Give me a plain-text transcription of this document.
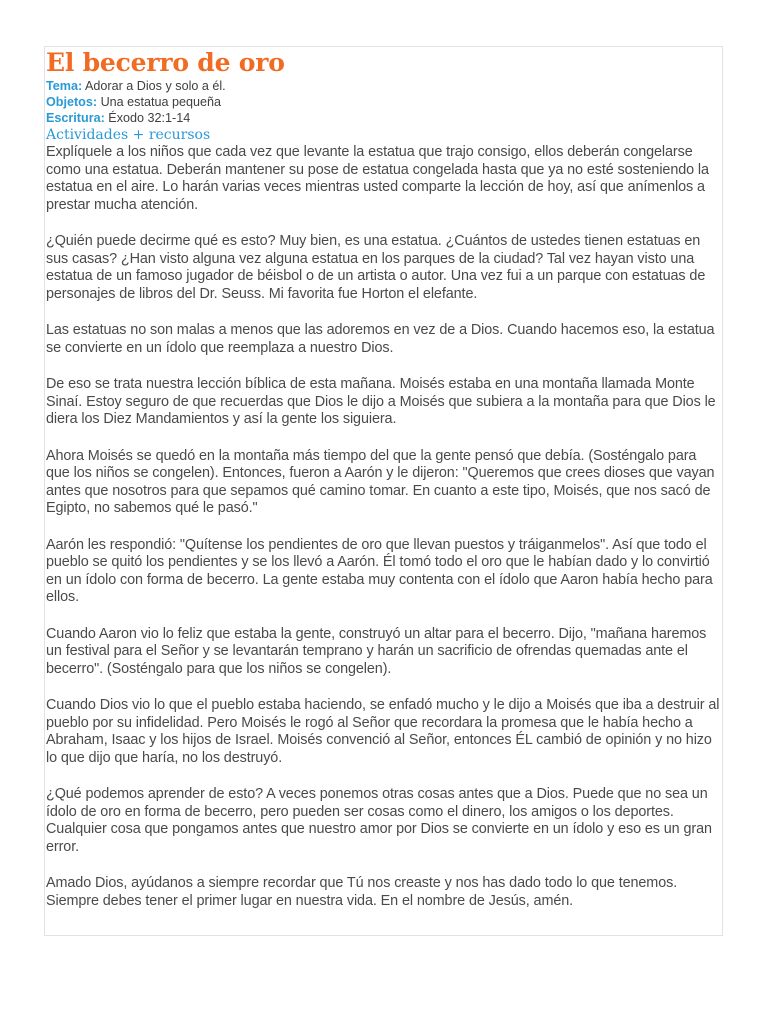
El becerro de oro
Tema: Adorar a Dios y solo a él.
Objetos: Una estatua pequeña
Escritura: Éxodo 32:1-14
Actividades + recursos

Explíquele a los niños que cada vez que levante la estatua que trajo consigo, ellos deberán congelarse como una estatua. Deberán mantener su pose de estatua congelada hasta que ya no esté sosteniendo la estatua en el aire. Lo harán varias veces mientras usted comparte la lección de hoy, así que anímenlos a prestar mucha atención.

¿Quién puede decirme qué es esto? Muy bien, es una estatua. ¿Cuántos de ustedes tienen estatuas en sus casas? ¿Han visto alguna vez alguna estatua en los parques de la ciudad? Tal vez hayan visto una estatua de un famoso jugador de béisbol o de un artista o autor. Una vez fui a un parque con estatuas de personajes de libros del Dr. Seuss. Mi favorita fue Horton el elefante.

Las estatuas no son malas a menos que las adoremos en vez de a Dios. Cuando hacemos eso, la estatua se convierte en un ídolo que reemplaza a nuestro Dios.

De eso se trata nuestra lección bíblica de esta mañana. Moisés estaba en una montaña llamada Monte Sinaí. Estoy seguro de que recuerdas que Dios le dijo a Moisés que subiera a la montaña para que Dios le diera los Diez Mandamientos y así la gente los siguiera.

Ahora Moisés se quedó en la montaña más tiempo del que la gente pensó que debía. (Sosténgalo para que los niños se congelen). Entonces, fueron a Aarón y le dijeron: "Queremos que crees dioses que vayan antes que nosotros para que sepamos qué camino tomar. En cuanto a este tipo, Moisés, que nos sacó de Egipto, no sabemos qué le pasó."

Aarón les respondió: "Quítense los pendientes de oro que llevan puestos y tráiganmelos". Así que todo el pueblo se quitó los pendientes y se los llevó a Aarón. Él tomó todo el oro que le habían dado y lo convirtió en un ídolo con forma de becerro. La gente estaba muy contenta con el ídolo que Aaron había hecho para ellos.

Cuando Aaron vio lo feliz que estaba la gente, construyó un altar para el becerro. Dijo, "mañana haremos un festival para el Señor y se levantarán temprano y harán un sacrificio de ofrendas quemadas ante el becerro". (Sosténgalo para que los niños se congelen).

Cuando Dios vio lo que el pueblo estaba haciendo, se enfadó mucho y le dijo a Moisés que iba a destruir al pueblo por su infidelidad. Pero Moisés le rogó al Señor que recordara la promesa que le había hecho a Abraham, Isaac y los hijos de Israel. Moisés convenció al Señor, entonces ÉL cambió de opinión y no hizo lo que dijo que haría, no los destruyó.

¿Qué podemos aprender de esto? A veces ponemos otras cosas antes que a Dios. Puede que no sea un ídolo de oro en forma de becerro, pero pueden ser cosas como el dinero, los amigos o los deportes. Cualquier cosa que pongamos antes que nuestro amor por Dios se convierte en un ídolo y eso es un gran error.

Amado Dios, ayúdanos a siempre recordar que Tú nos creaste y nos has dado todo lo que tenemos. Siempre debes tener el primer lugar en nuestra vida. En el nombre de Jesús, amén.
